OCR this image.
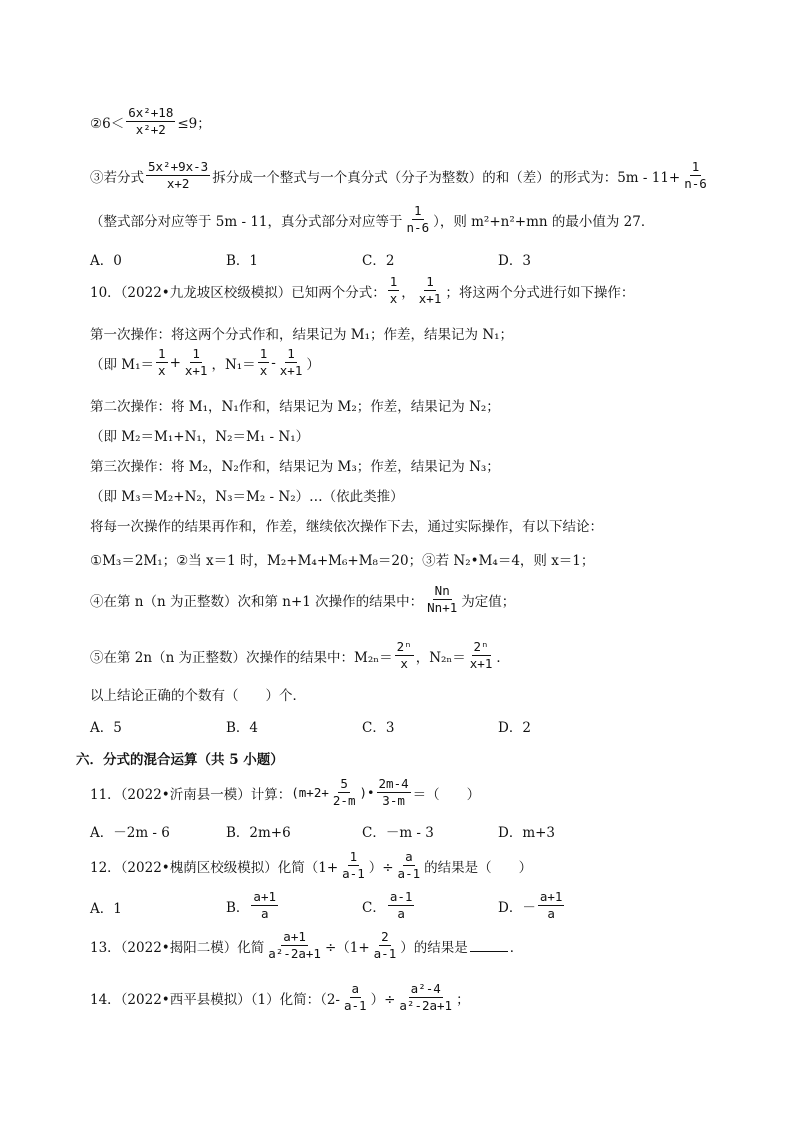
②6＜ $\frac{\text{6x²+18}}{\text{x²+2}} \le 9$；
③若分式 $\frac{\text{5x²+9x-3}}{x+2}$ 拆分成一个整式与一个真分式（分子为整数）的和（差）的形式为：$5m - 11+ \frac{1}{n-6}$
（整式部分对应等于 5m - 11，真分式部分对应等于 $\frac{1}{n-6}$ ），则 m²+n²+mn 的最小值为 27．
A．0	B．1	C．2	D．3
10．（2022•九龙坡区校级模拟）已知两个分式： $\frac{1}{x}$ ， $\frac{1}{x+1}$ ；将这两个分式进行如下操作：
第一次操作：将这两个分式作和，结果记为 M₁；作差，结果记为 N₁；
（即 $M_1= \frac{1}{x} + \frac{1}{x+1}$ ，$N_1= \frac{1}{x} - \frac{1}{x+1}$ ）
第二次操作：将 M₁，N₁作和，结果记为 M₂；作差，结果记为 N₂；
（即 M₂＝M₁+N₁，N₂＝M₁ - N₁）
第三次操作：将 M₂，N₂作和，结果记为 M₃；作差，结果记为 N₃；
（即 M₃＝M₂+N₂，N₃＝M₂ - N₂）…（依此类推）
将每一次操作的结果再作和，作差，继续依次操作下去，通过实际操作，有以下结论：
①M₃＝2M₁；②当 x＝1 时，M₂+M₄+M₆+M₈＝20；③若 N₂•M₄＝4，则 x＝1；
④在第 n（n 为正整数）次和第 n+1 次操作的结果中： $\frac{Nn}{Nn+1}$ 为定值；
⑤在第 2n（n 为正整数）次操作的结果中：$M_{2n}= \frac{\text{2ⁿ}}{x}$ ，$N_{2n}= \frac{\text{2ⁿ}}{x+1}$ ．
以上结论正确的个数有（　　）个．
A．5	B．4	C．3	D．2
六．分式的混合运算（共 5 小题）
11．（2022•沂南县一模）计算： ($m+2+ \frac{5}{2-m}$ )• $\frac{2m-4}{3-m}$ ＝（　　）
A．－2m - 6	B．2m+6	C．－m - 3	D．m+3
12．（2022•槐荫区校级模拟）化简（$1+ \frac{1}{a-1}$ ）÷ $\frac{a}{a-1}$ 的结果是（　　）
A．1	B． $\frac{a+1}{a}$	C． $\frac{a-1}{a}$	D．－ $\frac{a+1}{a}$
13．（2022•揭阳二模）化简 $\frac{a+1}{\text{a²-2a+1}} \div(1+ \frac{2}{a-1}$ ）的结果是	．
14．（2022•西平县模拟）（1）化简：（$2- \frac{a}{a-1}$ ）÷ $\frac{\text{a²-4}}{\text{a²-2a+1}}$ ；
